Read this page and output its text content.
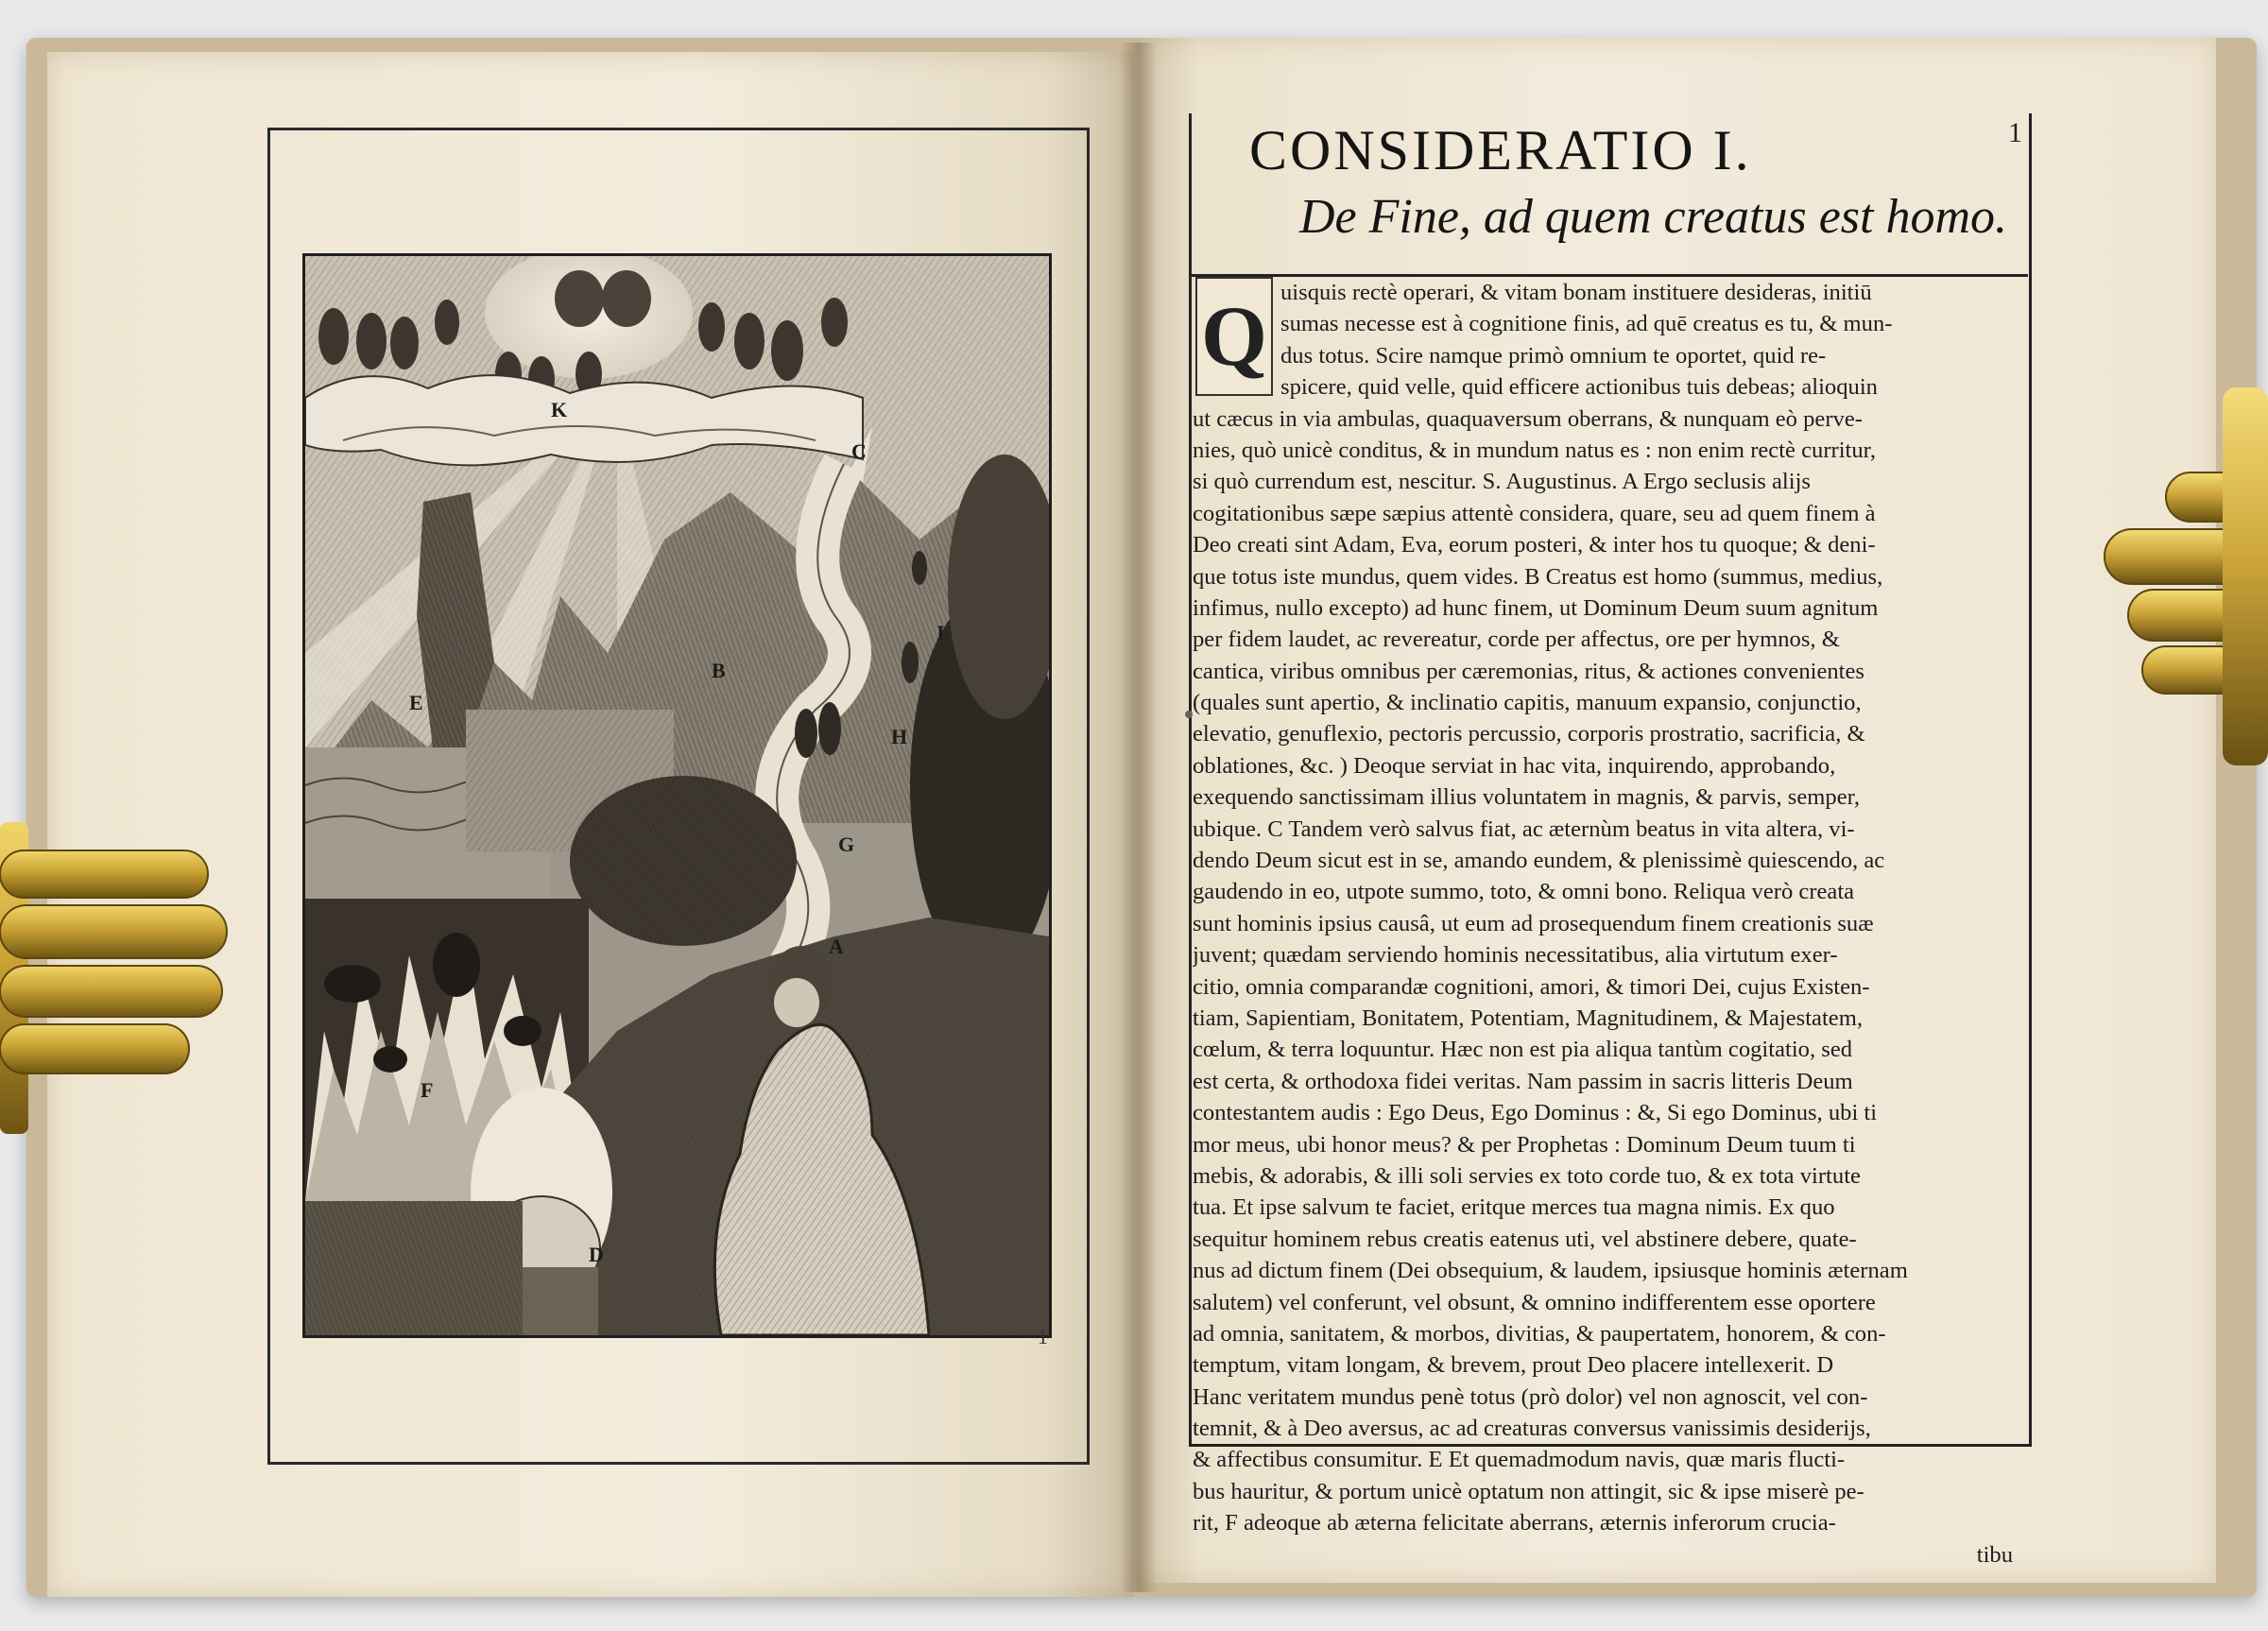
K
C
I
B
E
H
G
A
F
D
1
1
CONSIDERATIO I.
De Fine, ad quem creatus est homo.
uisquis rectè operari, & vitam bonam instituere desideras, initiū
sumas necesse est à cognitione finis, ad quē creatus es tu, & mun-
dus totus. Scire namque primò omnium te oportet, quid re-
spicere, quid velle, quid efficere actionibus tuis debeas; alioquin
ut cæcus in via ambulas, quaquaversum oberrans, & nunquam eò perve-
nies, quò unicè conditus, & in mundum natus es : non enim rectè curritur,
si quò currendum est, nescitur. S. Augustinus. A Ergo seclusis alijs
cogitationibus sæpe sæpius attentè considera, quare, seu ad quem finem à
Deo creati sint Adam, Eva, eorum posteri, & inter hos tu quoque; & deni-
que totus iste mundus, quem vides. B Creatus est homo (summus, medius,
infimus, nullo excepto) ad hunc finem, ut Dominum Deum suum agnitum
per fidem laudet, ac revereatur, corde per affectus, ore per hymnos, &
cantica, viribus omnibus per cæremonias, ritus, & actiones convenientes
(quales sunt apertio, & inclinatio capitis, manuum expansio, conjunctio,
elevatio, genuflexio, pectoris percussio, corporis prostratio, sacrificia, &
oblationes, &c. ) Deoque serviat in hac vita, inquirendo, approbando,
exequendo sanctissimam illius voluntatem in magnis, & parvis, semper,
ubique. C Tandem verò salvus fiat, ac æternùm beatus in vita altera, vi-
dendo Deum sicut est in se, amando eundem, & plenissimè quiescendo, ac
gaudendo in eo, utpote summo, toto, & omni bono. Reliqua verò creata
sunt hominis ipsius causâ, ut eum ad prosequendum finem creationis suæ
juvent; quædam serviendo hominis necessitatibus, alia virtutum exer-
citio, omnia comparandæ cognitioni, amori, & timori Dei, cujus Existen-
tiam, Sapientiam, Bonitatem, Potentiam, Magnitudinem, & Majestatem,
cœlum, & terra loquuntur. Hæc non est pia aliqua tantùm cogitatio, sed
est certa, & orthodoxa fidei veritas. Nam passim in sacris litteris Deum
contestantem audis : Ego Deus, Ego Dominus : &, Si ego Dominus, ubi ti
mor meus, ubi honor meus? & per Prophetas : Dominum Deum tuum ti
mebis, & adorabis, & illi soli servies ex toto corde tuo, & ex tota virtute
tua. Et ipse salvum te faciet, eritque merces tua magna nimis. Ex quo
sequitur hominem rebus creatis eatenus uti, vel abstinere debere, quate-
nus ad dictum finem (Dei obsequium, & laudem, ipsiusque hominis æternam
salutem) vel conferunt, vel obsunt, & omnino indifferentem esse oportere
ad omnia, sanitatem, & morbos, divitias, & paupertatem, honorem, & con-
temptum, vitam longam, & brevem, prout Deo placere intellexerit. D
Hanc veritatem mundus penè totus (prò dolor) vel non agnoscit, vel con-
temnit, & à Deo aversus, ac ad creaturas conversus vanissimis desiderijs,
& affectibus consumitur. E Et quemadmodum navis, quæ maris flucti-
bus hauritur, & portum unicè optatum non attingit, sic & ipse miserè pe-
rit, F adeoque ab æterna felicitate aberrans, æternis inferorum crucia-
tibu
Q
